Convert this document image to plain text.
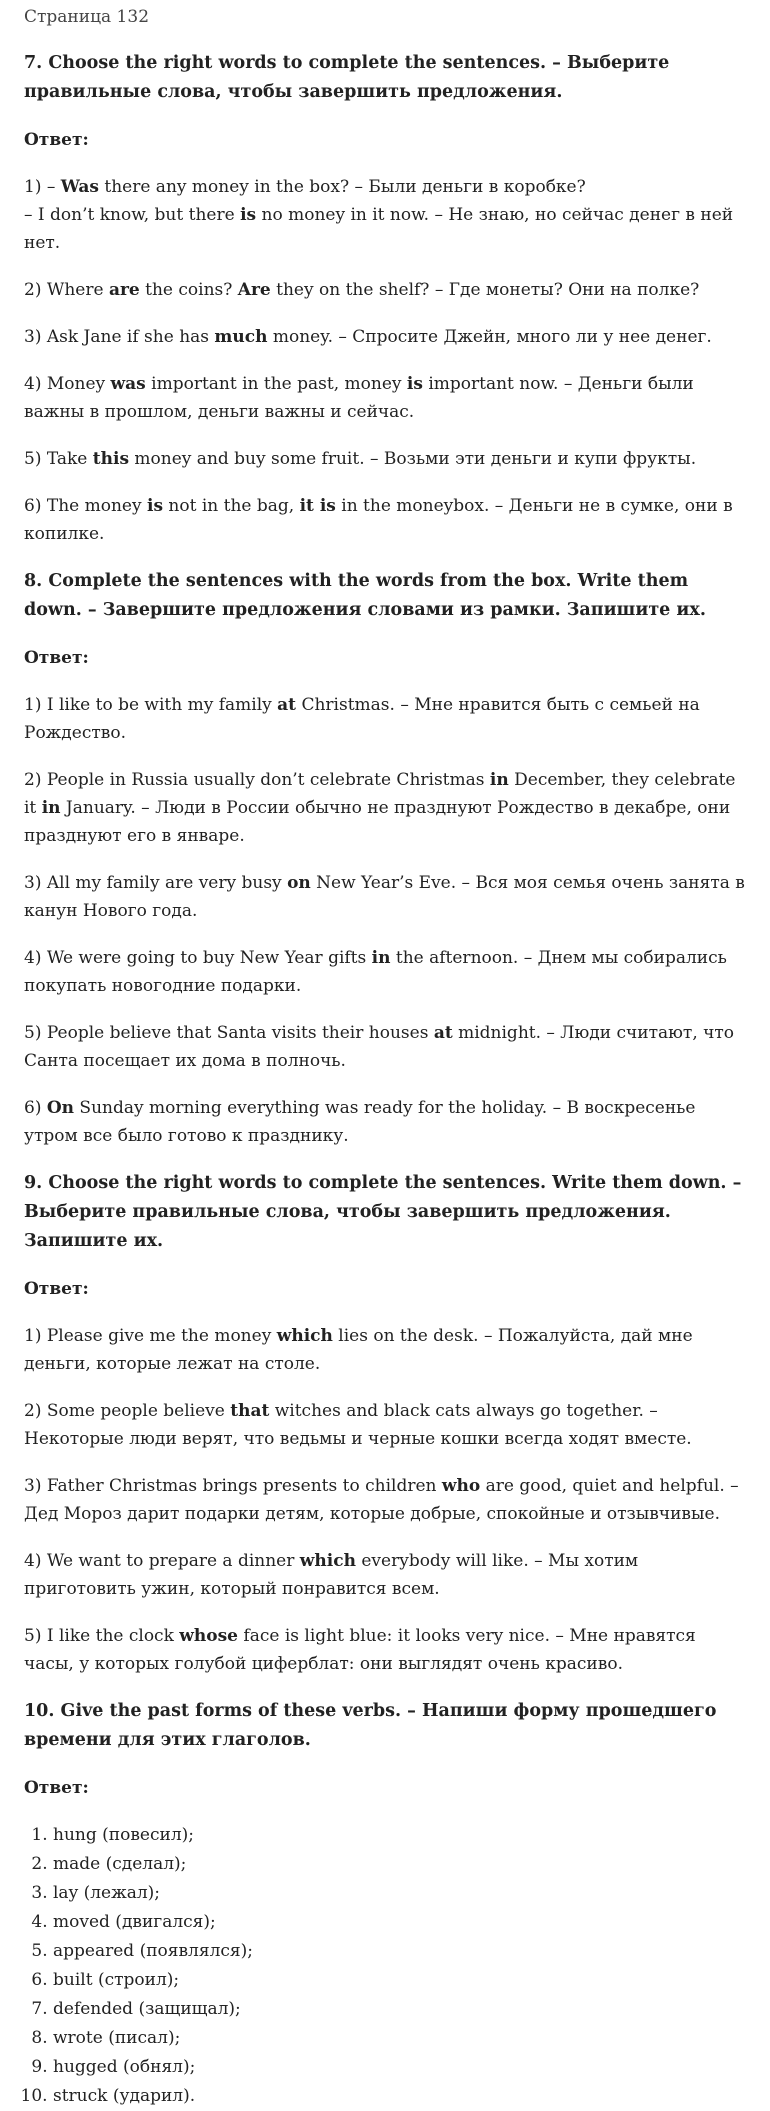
Страница 132
7. Choose the right words to complete the sentences. – Выберите правильные слова, чтобы завершить предложения.
Ответ:

1) – Was there any money in the box? – Были деньги в коробке?

– I don’t know, but there is no money in it now. – Не знаю, но сейчас денег в ней нет.

2) Where are the coins? Are they on the shelf? – Где монеты? Они на полке?

3) Ask Jane if she has much money. – Спросите Джейн, много ли у нее денег.

4) Money was important in the past, money is important now. – Деньги были важны в прошлом, деньги важны и сейчас.

5) Take this money and buy some fruit. – Возьми эти деньги и купи фрукты.

6) The money is not in the bag, it is in the moneybox. – Деньги не в сумке, они в копилке.

8. Complete the sentences with the words from the box. Write them down. – Завершите предложения словами из рамки. Запишите их.
Ответ:

1) I like to be with my family at Christmas. – Мне нравится быть с семьей на Рождество.

2) People in Russia usually don’t celebrate Christmas in December, they celebrate it in January. – Люди в России обычно не празднуют Рождество в декабре, они празднуют его в январе.

3) All my family are very busy on New Year’s Eve. – Вся моя семья очень занята в канун Нового года.

4) We were going to buy New Year gifts in the afternoon. – Днем мы собирались покупать новогодние подарки.

5) People believe that Santa visits their houses at midnight. – Люди считают, что Санта посещает их дома в полночь.

6) On Sunday morning everything was ready for the holiday. – В воскресенье утром все было готово к празднику.

9. Choose the right words to complete the sentences. Write them down. – Выберите правильные слова, чтобы завершить предложения. Запишите их.
Ответ:

1) Please give me the money which lies on the desk. – Пожалуйста, дай мне деньги, которые лежат на столе.

2) Some people believe that witches and black cats always go together. – Некоторые люди верят, что ведьмы и черные кошки всегда ходят вместе.

3) Father Christmas brings presents to children who are good, quiet and helpful. – Дед Мороз дарит подарки детям, которые добрые, спокойные и отзывчивые.

4) We want to prepare a dinner which everybody will like. – Мы хотим приготовить ужин, который понравится всем.

5) I like the clock whose face is light blue: it looks very nice. – Мне нравятся часы, у которых голубой циферблат: они выглядят очень красиво.

10. Give the past forms of these verbs. – Напиши форму прошедшего времени для этих глаголов.
Ответ:
1. hung (повесил);
2. made (сделал);
3. lay (лежал);
4. moved (двигался);
5. appeared (появлялся);
6. built (строил);
7. defended (защищал);
8. wrote (писал);
9. hugged (обнял);
10. struck (ударил).
